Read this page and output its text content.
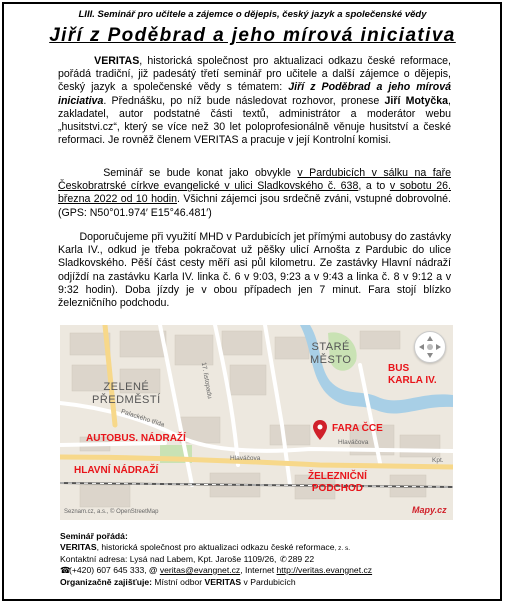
LIII. Seminář pro učitele a zájemce o dějepis, český jazyk a společenské vědy
Jiří z Poděbrad a jeho mírová iniciativa
VERITAS, historická společnost pro aktualizaci odkazu české reformace, pořádá tradiční, již padesátý třetí seminář pro učitele a další zájemce o dějepis, český jazyk a společenské vědy s tématem: Jiří z Poděbrad a jeho mírová iniciativa. Přednášku, po níž bude následovat rozhovor, pronese Jiří Motyčka, zakladatel, autor podstatné části textů, administrátor a moderátor webu „husitstvi.cz“, který se více než 30 let poloprofesionálně věnuje husitství a české reformaci. Je rovněž členem VERITAS a pracuje v její Kontrolní komisi.
Seminář se bude konat jako obvykle v Pardubicích v sálku na faře Českobratrské církve evangelické v ulici Sladkovského č. 638, a to v sobotu 26. března 2022 od 10 hodin. Všichni zájemci jsou srdečně zváni, vstupné dobrovolné. (GPS: N50°01.974′ E15°46.481′)
Doporučujeme při využití MHD v Pardubicích jet přímými autobusy do zastávky Karla IV., odkud je třeba pokračovat už pěšky ulicí Arnošta z Pardubic do ulice Sladkovského. Pěší část cesty měří asi půl kilometru. Ze zastávky Hlavní nádraží odjíždí na zastávku Karla IV. linka č. 6 v 9:03, 9:23 a v 9:43 a linka č. 8 v 9:12 a v 9:32 hodin). Doba jízdy je v obou případech jen 7 minut. Fara stojí blízko železničního podchodu.
Palackého třída
17. listopadu
Hlaváčova
Hlaváčova
Kpt.
ZELENÉ
PŘEDMĚSTÍ
STARÉ
MĚSTO
BUS
KARLA IV.
FARA ČCE
AUTOBUS. NÁDRAŽÍ
HLAVNÍ NÁDRAŽÍ
ŽELEZNIČNÍ
PODCHOD
Seznam.cz, a.s., © OpenStreetMap	Mapy.cz
Seminář pořádá:
VERITAS, historická společnost pro aktualizaci odkazu české reformace, z. s.
Kontaktní adresa: Lysá nad Labem, Kpt. Jaroše 1109/26, ✆289 22
☎(+420) 607 645 333, @ veritas@evangnet.cz, Internet http://veritas.evangnet.cz
Organizačně zajišťuje: Místní odbor VERITAS v Pardubicích
